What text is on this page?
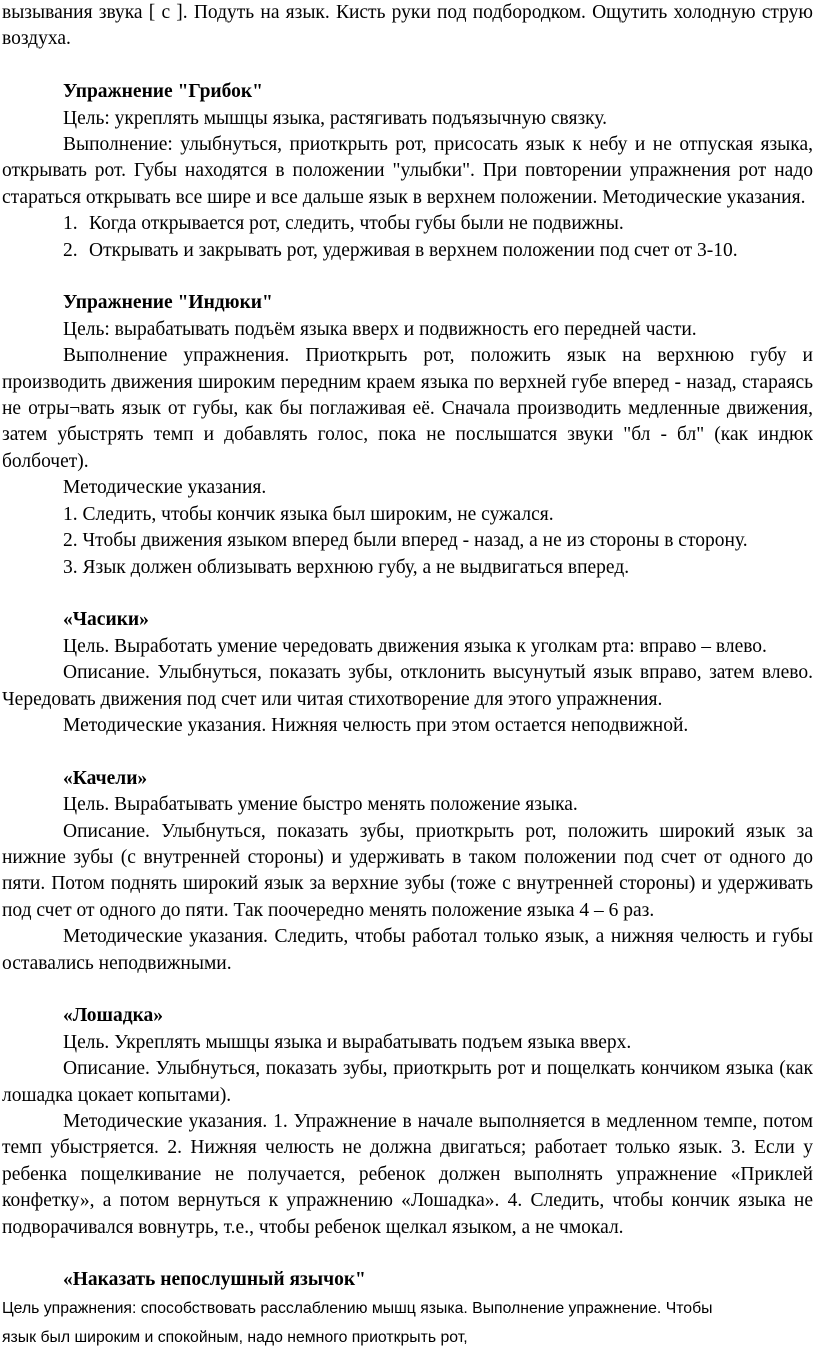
вызывания звука [ с ]. Подуть на язык. Кисть руки под подбородком. Ощутить холодную струю воздуха.

Упражнение "Грибок"

Цель: укреплять мышцы языка, растягивать подъязычную связку.

Выполнение: улыбнуться, приоткрыть рот, присосать язык к небу и не отпуская языка, открывать рот. Губы находятся в положении "улыбки". При повторении упражнения рот надо стараться открывать все шире и все дальше язык в верхнем положении. Методические указания.

1. Когда открывается рот, следить, чтобы губы были не подвижны.
2. Открывать и закрывать рот, удерживая в верхнем положении под счет от 3-10.

Упражнение "Индюки"

Цель: вырабатывать подъём языка вверх и подвижность его передней части.

Выполнение упражнения. Приоткрыть рот, положить язык на верхнюю губу и производить движения широким передним краем языка по верхней губе вперед - назад, стараясь не отры¬вать язык от губы, как бы поглаживая её. Сначала производить медленные движения, затем убыстрять темп и добавлять голос, пока не послышатся звуки "бл - бл" (как индюк болбочет).

Методические указания.

1. Следить, чтобы кончик языка был широким, не сужался.

2. Чтобы движения языком вперед были вперед - назад, а не из стороны в сторону.

3. Язык должен облизывать верхнюю губу, а не выдвигаться вперед.

«Часики»

Цель. Выработать умение чередовать движения языка к уголкам рта: вправо – влево.

Описание. Улыбнуться, показать зубы, отклонить высунутый язык вправо, затем влево. Чередовать движения под счет или читая стихотворение для этого упражнения.

Методические указания. Нижняя челюсть при этом остается неподвижной.

«Качели»

Цель. Вырабатывать умение быстро менять положение языка.

Описание. Улыбнуться, показать зубы, приоткрыть рот, положить широкий язык за нижние зубы (с внутренней стороны) и удерживать в таком положении под счет от одного до пяти. Потом поднять широкий язык за верхние зубы (тоже с внутренней стороны) и удерживать под счет от одного до пяти. Так поочередно менять положение языка 4 – 6 раз.

Методические указания. Следить, чтобы работал только язык, а нижняя челюсть и губы оставались неподвижными.

«Лошадка»

Цель. Укреплять мышцы языка и вырабатывать подъем языка вверх.

Описание. Улыбнуться, показать зубы, приоткрыть рот и пощелкать кончиком языка (как лошадка цокает копытами).

Методические указания. 1. Упражнение в начале выполняется в медленном темпе, потом темп убыстряется. 2. Нижняя челюсть не должна двигаться; работает только язык. 3. Если у ребенка пощелкивание не получается, ребенок должен выполнять упражнение «Приклей конфетку», а потом вернуться к упражнению «Лошадка». 4. Следить, чтобы кончик языка не подворачивался вовнутрь, т.е., чтобы ребенок щелкал языком, а не чмокал.

«Наказать непослушный язычок"

Цель упражнения: способствовать расслаблению мышц языка. Выполнение упражнение. Чтобы

язык был широким и спокойным, надо немного приоткрыть рот,
